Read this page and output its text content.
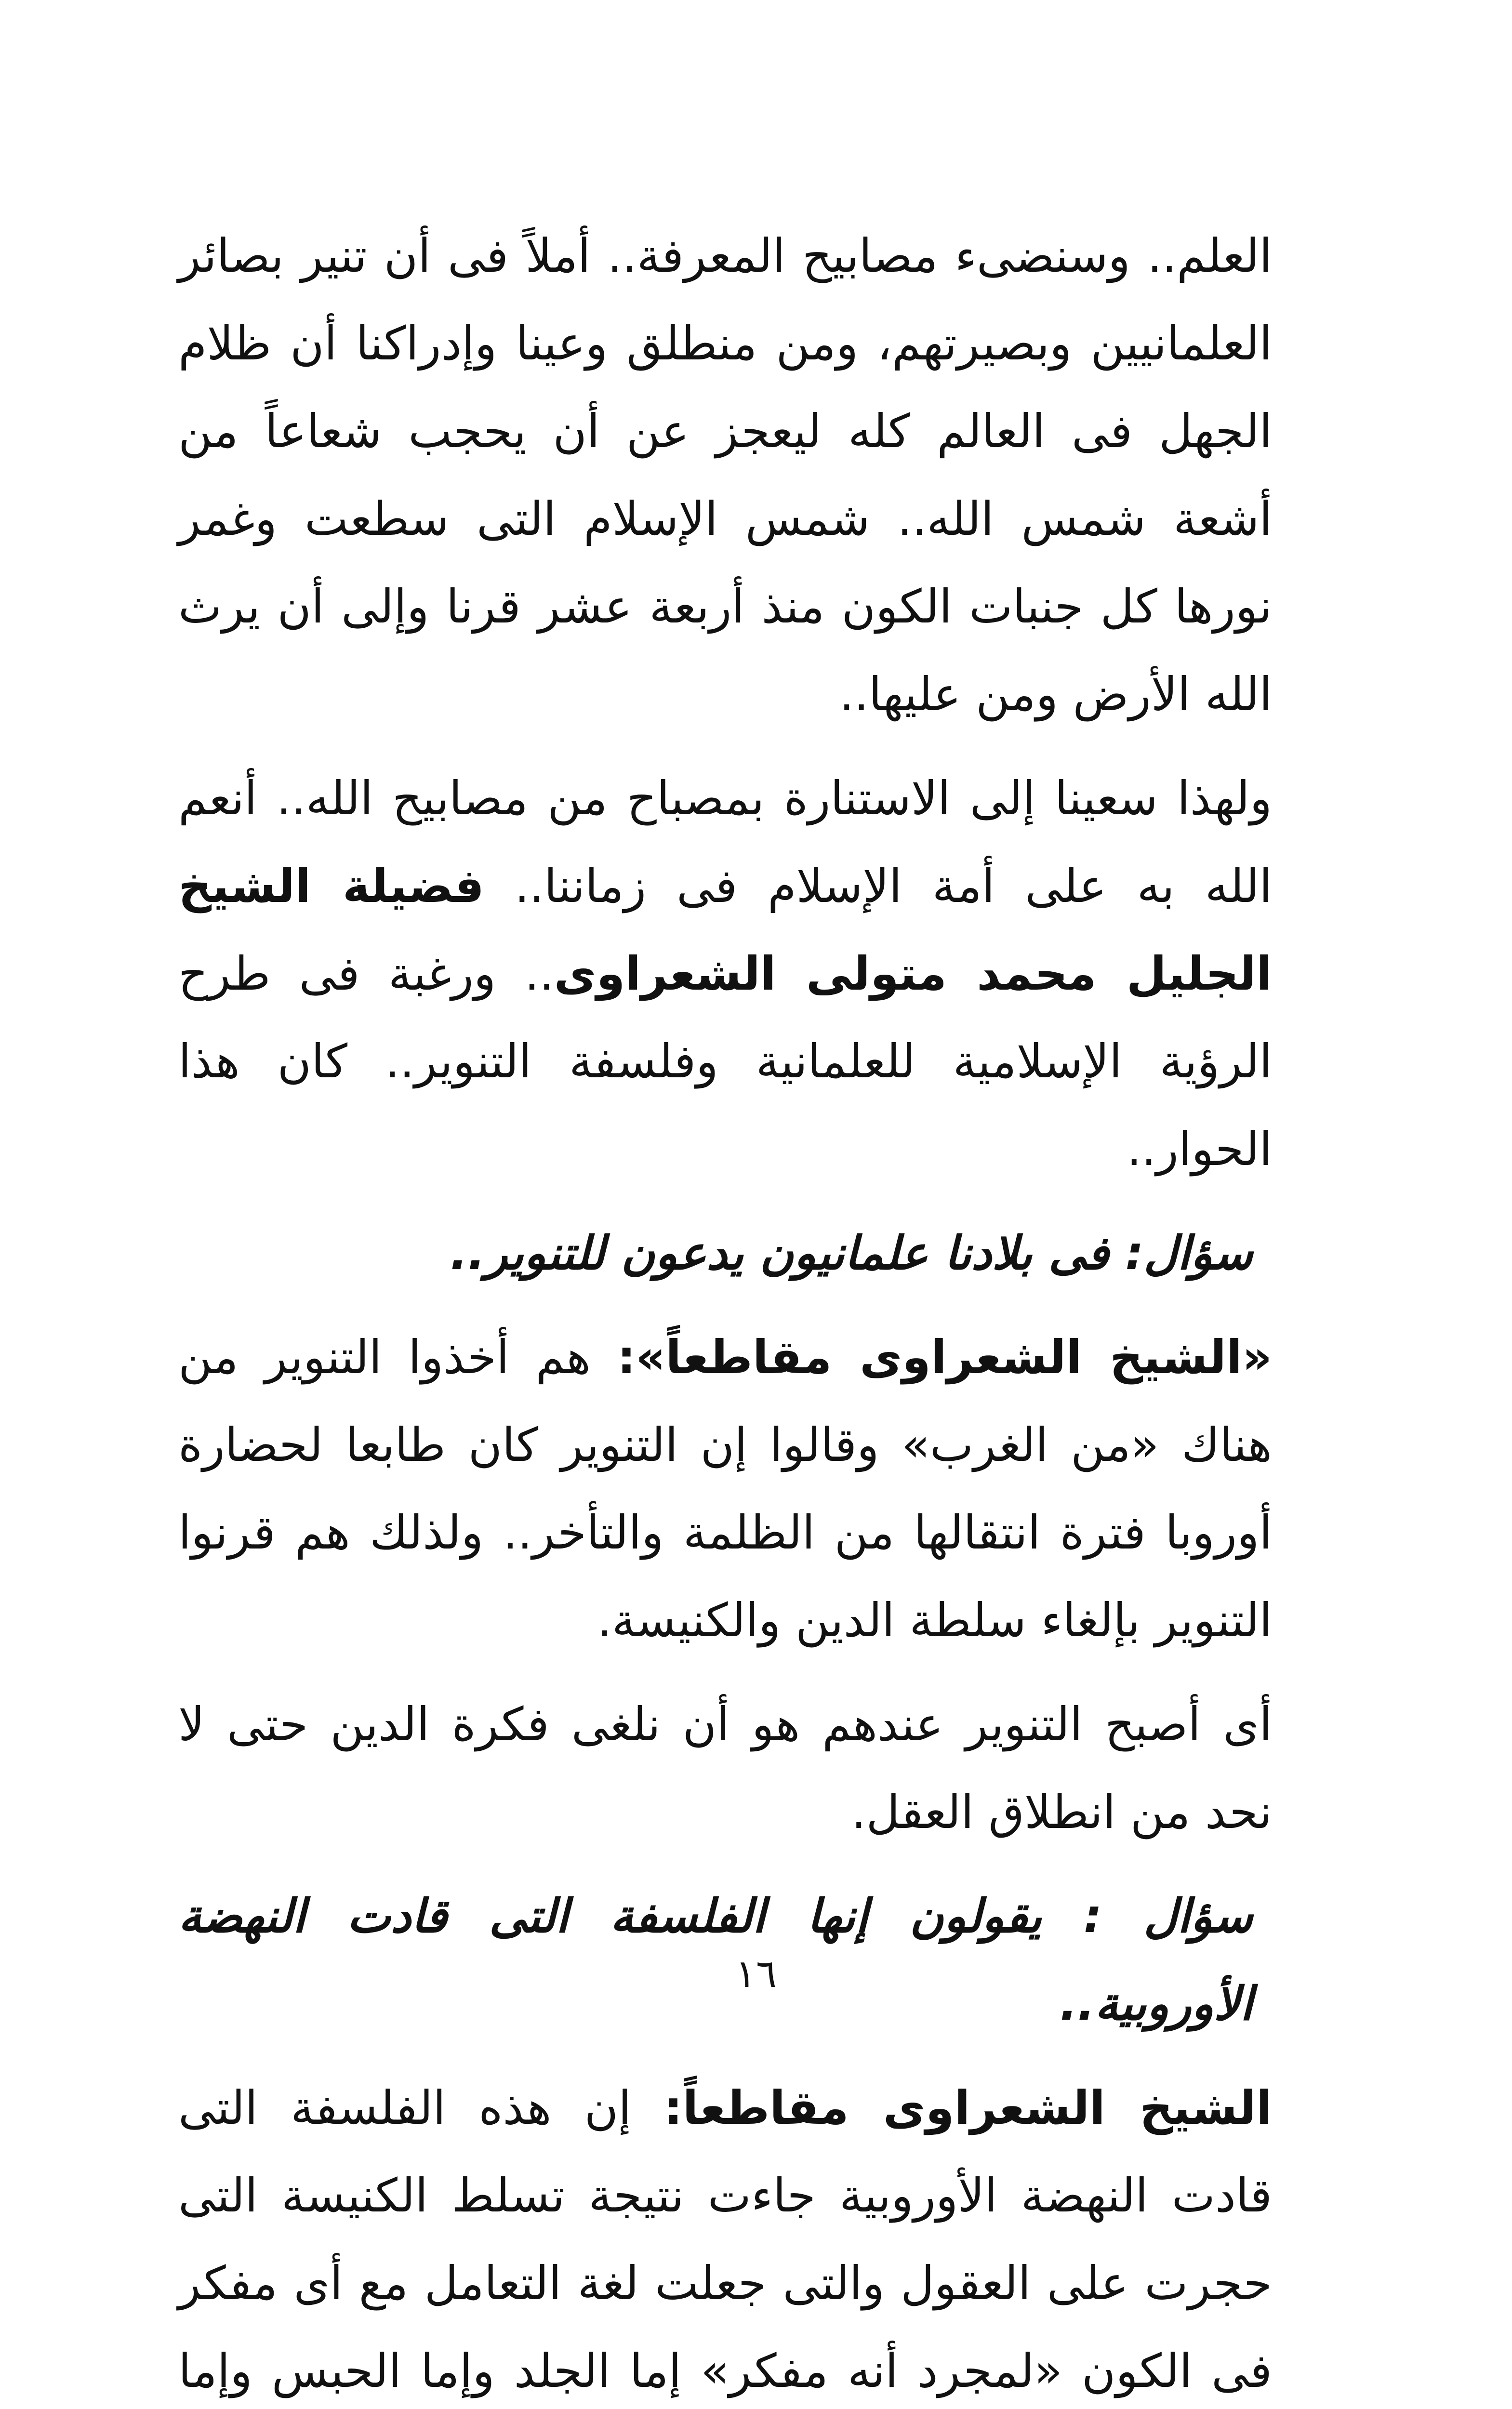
العلم.. وسنضىء مصابيح المعرفة.. أملاً فى أن تنير بصائر العلمانيين وبصيرتهم، ومن منطلق وعينا وإدراكنا أن ظلام الجهل فى العالم كله ليعجز عن أن يحجب شعاعاً من أشعة شمس الله.. شمس الإسلام التى سطعت وغمر نورها كل جنبات الكون منذ أربعة عشر قرنا وإلى أن يرث الله الأرض ومن عليها..

ولهذا سعينا إلى الاستنارة بمصباح من مصابيح الله.. أنعم الله به على أمة الإسلام فى زماننا.. فضيلة الشيخ الجليل محمد متولى الشعراوى.. ورغبة فى طرح الرؤية الإسلامية للعلمانية وفلسفة التنوير.. كان هذا الحوار..

سؤال: فى بلادنا علمانيون يدعون للتنوير..

«الشيخ الشعراوى مقاطعاً»: هم أخذوا التنوير من هناك «من الغرب» وقالوا إن التنوير كان طابعا لحضارة أوروبا فترة انتقالها من الظلمة والتأخر.. ولذلك هم قرنوا التنوير بإلغاء سلطة الدين والكنيسة.

أى أصبح التنوير عندهم هو أن نلغى فكرة الدين حتى لا نحد من انطلاق العقل.

سؤال : يقولون إنها الفلسفة التى قادت النهضة الأوروبية..

الشيخ الشعراوى مقاطعاً: إن هذه الفلسفة التى قادت النهضة الأوروبية جاءت نتيجة تسلط الكنيسة التى حجرت على العقول والتى جعلت لغة التعامل مع أى مفكر فى الكون «لمجرد أنه مفكر» إما الجلد وإما الحبس وإما

١٦
